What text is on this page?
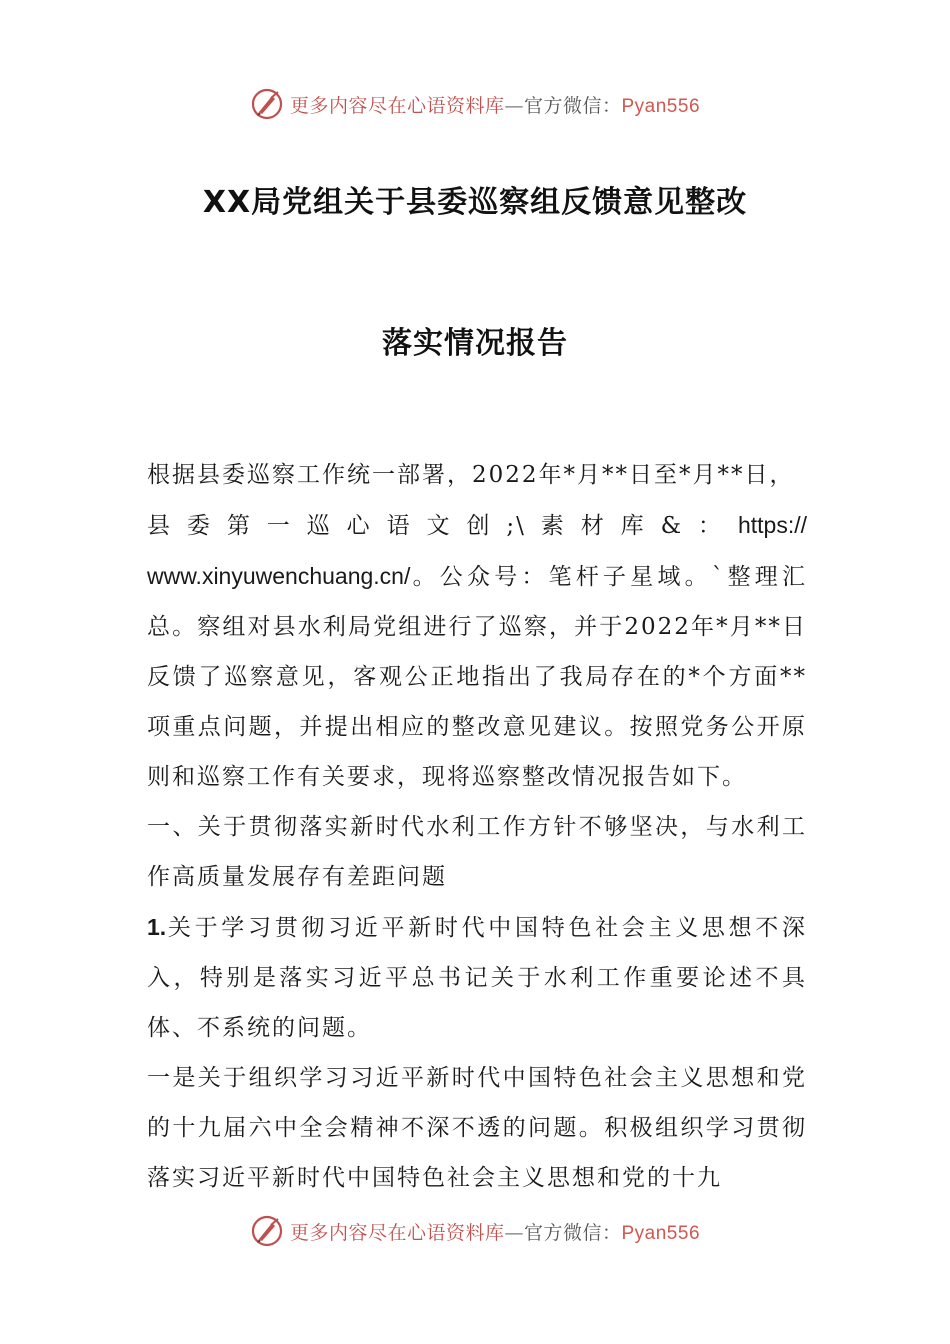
更多内容尽在心语资料库—官方微信：Pyan556
XX局党组关于县委巡察组反馈意见整改
落实情况报告

根据县委巡察工作统一部署，2022年*月**日至*月**日，
县委第一巡心语文创;\素材库&：https://
www.xinyuwenchuang.cn/。公众号：笔杆子星域。`整理汇总。察组对县水利局党组进行了巡察，并于2022年*月**日反馈了巡察意见，客观公正地指出了我局存在的*个方面**项重点问题，并提出相应的整改意见建议。按照党务公开原则和巡察工作有关要求，现将巡察整改情况报告如下。

一、关于贯彻落实新时代水利工作方针不够坚决，与水利工作高质量发展存有差距问题

1.关于学习贯彻习近平新时代中国特色社会主义思想不深入，特别是落实习近平总书记关于水利工作重要论述不具体、不系统的问题。

一是关于组织学习习近平新时代中国特色社会主义思想和党的十九届六中全会精神不深不透的问题。积极组织学习贯彻落实习近平新时代中国特色社会主义思想和党的十九

更多内容尽在心语资料库—官方微信：Pyan556
